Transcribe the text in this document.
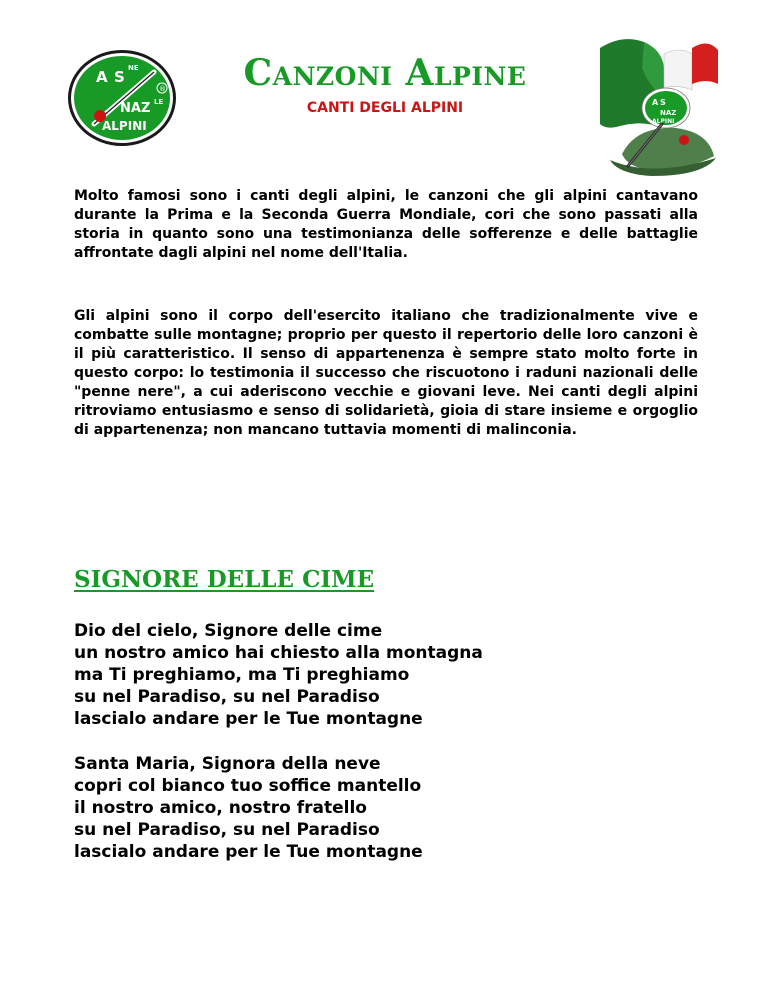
A S NE
NAZ LE
ALPINI
®	Canzoni Alpine
CANTI DEGLI ALPINI	A S
NAZ
ALPINI

Molto famosi sono i canti degli alpini, le canzoni che gli alpini cantavano durante la Prima e la Seconda Guerra Mondiale, cori che sono passati alla storia in quanto sono una testimonianza delle sofferenze e delle battaglie affrontate dagli alpini nel nome dell'Italia.

Gli alpini sono il corpo dell'esercito italiano che tradizionalmente vive e combatte sulle montagne; proprio per questo il repertorio delle loro canzoni è il più caratteristico. Il senso di appartenenza è sempre stato molto forte in questo corpo: lo testimonia il successo che riscuotono i raduni nazionali delle "penne nere", a cui aderiscono vecchie e giovani leve. Nei canti degli alpini ritroviamo entusiasmo e senso di solidarietà, gioia di stare insieme e orgoglio di appartenenza; non mancano tuttavia momenti di malinconia.

SIGNORE DELLE CIME
Dio del cielo, Signore delle cime
un nostro amico hai chiesto alla montagna
ma Ti preghiamo, ma Ti preghiamo
su nel Paradiso, su nel Paradiso
lascialo andare per le Tue montagne
Santa Maria, Signora della neve
copri col bianco tuo soffice mantello
il nostro amico, nostro fratello
su nel Paradiso, su nel Paradiso
lascialo andare per le Tue montagne
